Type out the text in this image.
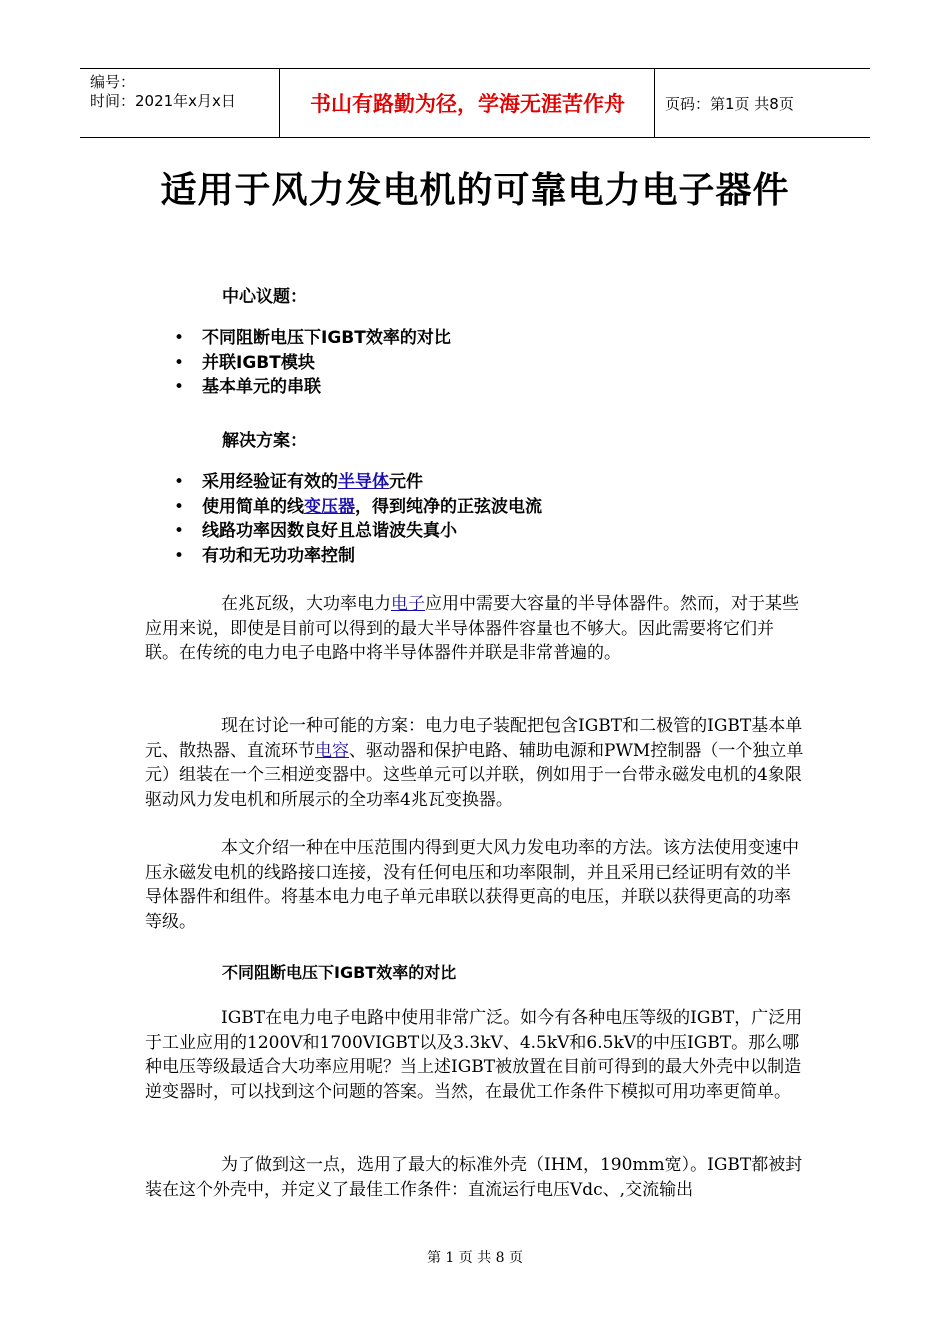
编号：
时间：2021年x月x日	书山有路勤为径，学海无涯苦作舟	页码：第1页 共8页
适用于风力发电机的可靠电力电子器件
中心议题：
• 不同阻断电压下IGBT效率的对比
• 并联IGBT模块
• 基本单元的串联
解决方案：
• 采用经验证有效的半导体元件
• 使用简单的线变压器，得到纯净的正弦波电流
• 线路功率因数良好且总谐波失真小
• 有功和无功功率控制
在兆瓦级，大功率电力电子应用中需要大容量的半导体器件。然而，对于某些应用来说，即使是目前可以得到的最大半导体器件容量也不够大。因此需要将它们并联。在传统的电力电子电路中将半导体器件并联是非常普遍的。
现在讨论一种可能的方案：电力电子装配把包含IGBT和二极管的IGBT基本单元、散热器、直流环节电容、驱动器和保护电路、辅助电源和PWM控制器（一个独立单元）组装在一个三相逆变器中。这些单元可以并联，例如用于一台带永磁发电机的4象限驱动风力发电机和所展示的全功率4兆瓦变换器。
本文介绍一种在中压范围内得到更大风力发电功率的方法。该方法使用变速中压永磁发电机的线路接口连接，没有任何电压和功率限制，并且采用已经证明有效的半导体器件和组件。将基本电力电子单元串联以获得更高的电压，并联以获得更高的功率等级。
不同阻断电压下IGBT效率的对比
IGBT在电力电子电路中使用非常广泛。如今有各种电压等级的IGBT，广泛用于工业应用的1200V和1700VIGBT以及3.3kV、4.5kV和6.5kV的中压IGBT。那么哪种电压等级最适合大功率应用呢？当上述IGBT被放置在目前可得到的最大外壳中以制造逆变器时，可以找到这个问题的答案。当然，在最优工作条件下模拟可用功率更简单。
为了做到这一点，选用了最大的标准外壳（IHM，190mm宽）。IGBT都被封装在这个外壳中，并定义了最佳工作条件：直流运行电压Vdc、,交流输出
第 1 页 共 8 页
